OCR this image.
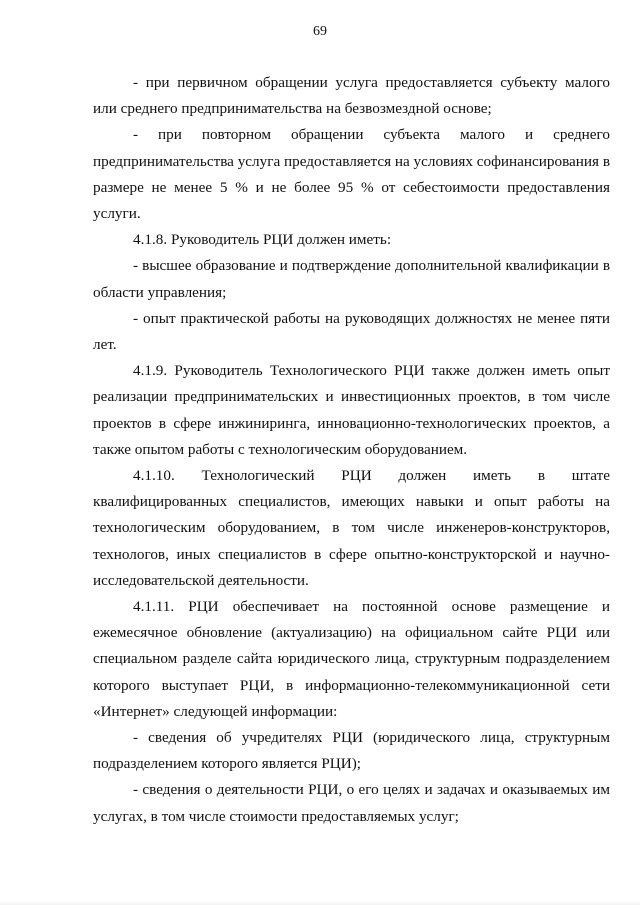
69

- при первичном обращении услуга предоставляется субъекту малого или среднего предпринимательства на безвозмездной основе;

- при повторном обращении субъекта малого и среднего предпринимательства услуга предоставляется на условиях софинансирования в размере не менее 5 % и не более 95 % от себестоимости предоставления услуги.

4.1.8. Руководитель РЦИ должен иметь:

- высшее образование и подтверждение дополнительной квалификации в области управления;

- опыт практической работы на руководящих должностях не менее пяти лет.

4.1.9. Руководитель Технологического РЦИ также должен иметь опыт реализации предпринимательских и инвестиционных проектов, в том числе проектов в сфере инжиниринга, инновационно-технологических проектов, а также опытом работы с технологическим оборудованием.

4.1.10. Технологический РЦИ должен иметь в штате квалифицированных специалистов, имеющих навыки и опыт работы на технологическим оборудованием, в том числе инженеров-конструкторов, технологов, иных специалистов в сфере опытно-конструкторской и научно-исследовательской деятельности.

4.1.11. РЦИ обеспечивает на постоянной основе размещение и ежемесячное обновление (актуализацию) на официальном сайте РЦИ или специальном разделе сайта юридического лица, структурным подразделением которого выступает РЦИ, в информационно-телекоммуникационной сети «Интернет» следующей информации:

- сведения об учредителях РЦИ (юридического лица, структурным подразделением которого является РЦИ);

- сведения о деятельности РЦИ, о его целях и задачах и оказываемых им услугах, в том числе стоимости предоставляемых услуг;
